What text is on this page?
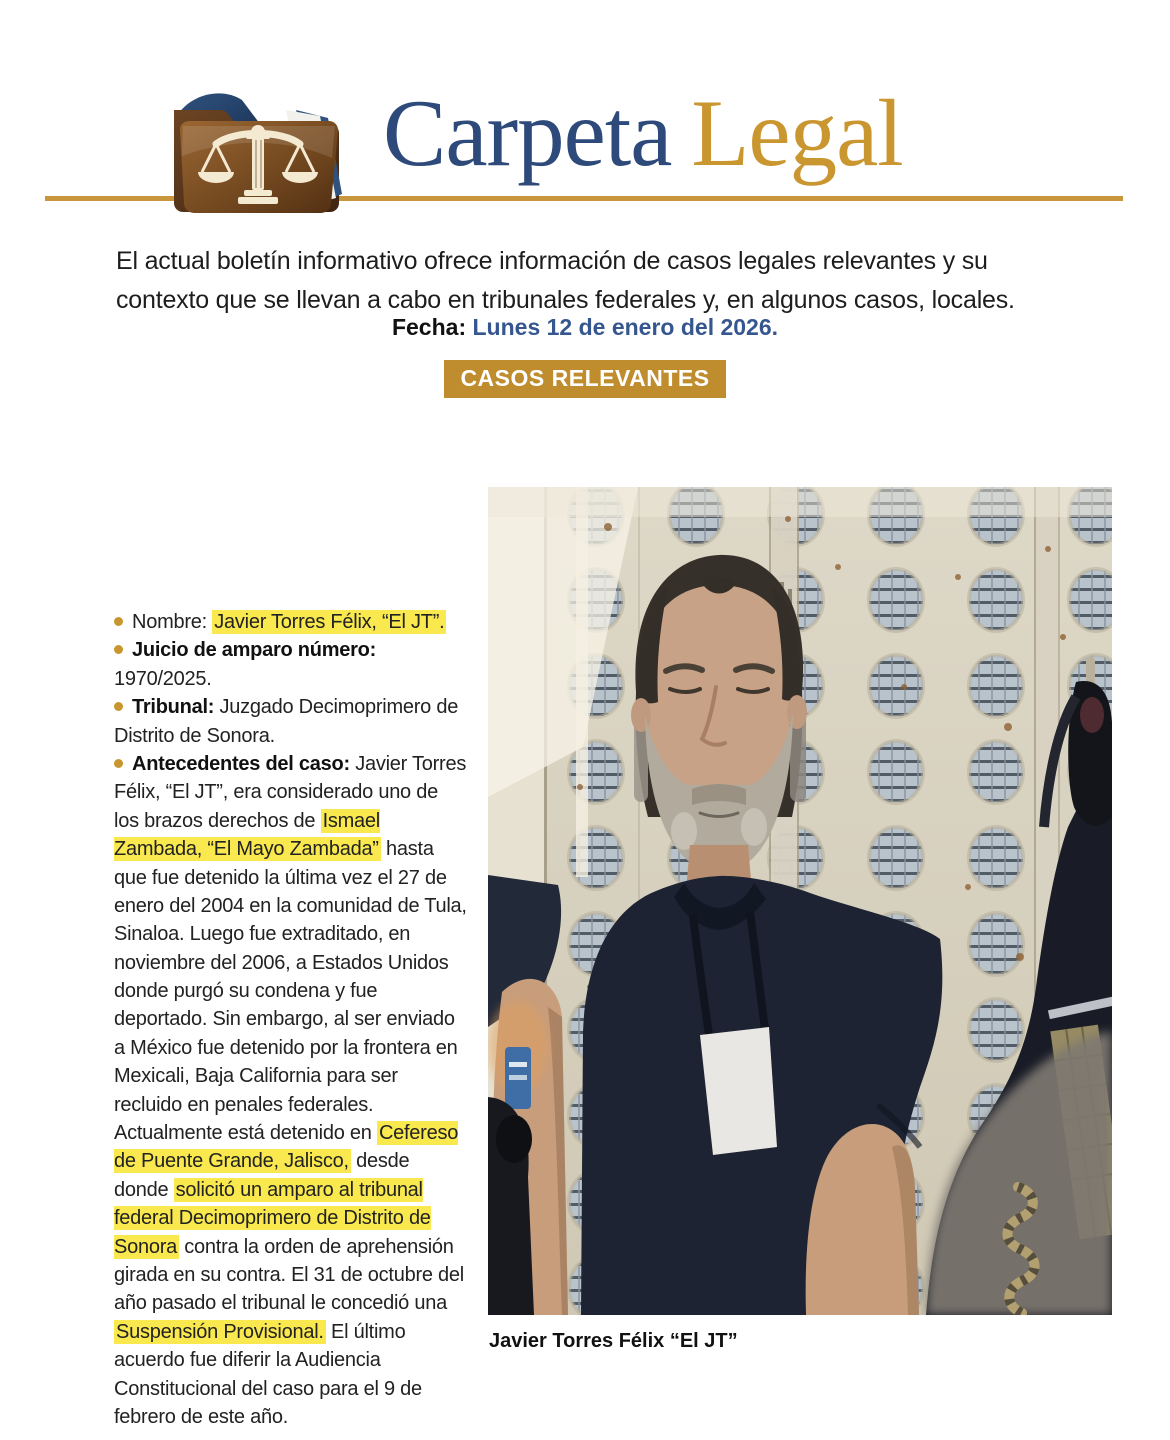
Carpeta Legal
El actual boletín informativo ofrece información de casos legales relevantes y su contexto que se llevan a cabo en tribunales federales y, en algunos casos, locales.
Fecha: Lunes 12 de enero del 2026.
CASOS RELEVANTES
Nombre: Javier Torres Félix, “El JT”.
Juicio de amparo número: 1970/2025.
Tribunal: Juzgado Decimoprimero de Distrito de Sonora.
Antecedentes del caso: Javier Torres Félix, “El JT”, era considerado uno de los brazos derechos de Ismael Zambada, “El Mayo Zambada” hasta que fue detenido la última vez el 27 de enero del 2004 en la comunidad de Tula, Sinaloa. Luego fue extraditado, en noviembre del 2006, a Estados Unidos donde purgó su condena y fue deportado. Sin embargo, al ser enviado a México fue detenido por la frontera en Mexicali, Baja California para ser recluido en penales federales. Actualmente está detenido en Cefereso de Puente Grande, Jalisco, desde donde solicitó un amparo al tribunal federal Decimoprimero de Distrito de Sonora contra la orden de aprehensión girada en su contra. El 31 de octubre del año pasado el tribunal le concedió una Suspensión Provisional. El último acuerdo fue diferir la Audiencia Constitucional del caso para el 9 de febrero de este año.
Javier Torres Félix “El JT”
